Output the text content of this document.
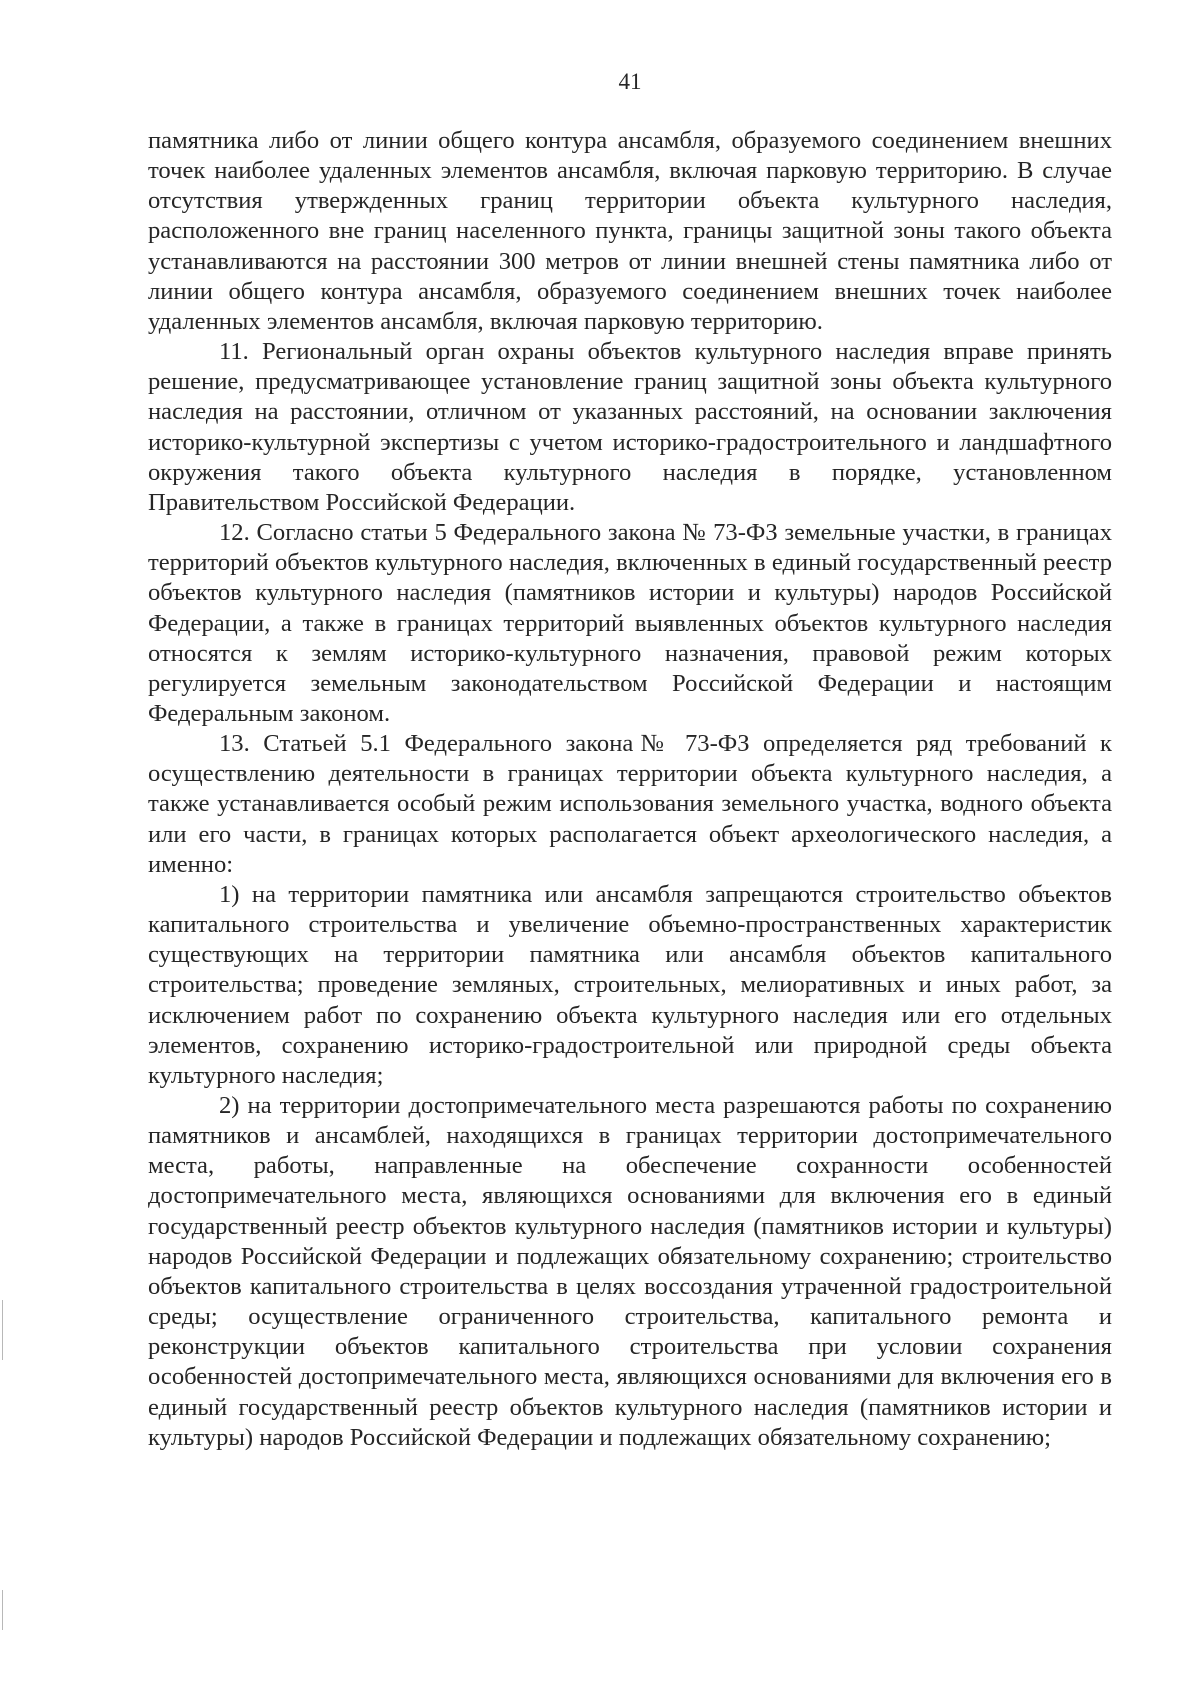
41

памятника либо от линии общего контура ансамбля, образуемого соединением внешних точек наиболее удаленных элементов ансамбля, включая парковую территорию. В случае отсутствия утвержденных границ территории объекта культурного наследия, расположенного вне границ населенного пункта, границы защитной зоны такого объекта устанавливаются на расстоянии 300 метров от линии внешней стены памятника либо от линии общего контура ансамбля, образуемого соединением внешних точек наиболее удаленных элементов ансамбля, включая парковую территорию.

11. Региональный орган охраны объектов культурного наследия вправе принять решение, предусматривающее установление границ защитной зоны объекта культурного наследия на расстоянии, отличном от указанных расстояний, на основании заключения историко-культурной экспертизы с учетом историко-градостроительного и ландшафтного окружения такого объекта культурного наследия в порядке, установленном Правительством Российской Федерации.

12. Согласно статьи 5 Федерального закона № 73-ФЗ земельные участки, в границах территорий объектов культурного наследия, включенных в единый государственный реестр объектов культурного наследия (памятников истории и культуры) народов Российской Федерации, а также в границах территорий выявленных объектов культурного наследия относятся к землям историко-культурного назначения, правовой режим которых регулируется земельным законодательством Российской Федерации и настоящим Федеральным законом.

13. Статьей 5.1 Федерального закона№ 73-ФЗ определяется ряд требований к осуществлению деятельности в границах территории объекта культурного наследия, а также устанавливается особый режим использования земельного участка, водного объекта или его части, в границах которых располагается объект археологического наследия, а именно:

1) на территории памятника или ансамбля запрещаются строительство объектов капитального строительства и увеличение объемно-пространственных характеристик существующих на территории памятника или ансамбля объектов капитального строительства; проведение земляных, строительных, мелиоративных и иных работ, за исключением работ по сохранению объекта культурного наследия или его отдельных элементов, сохранению историко-градостроительной или природной среды объекта культурного наследия;

2) на территории достопримечательного места разрешаются работы по сохранению памятников и ансамблей, находящихся в границах территории достопримечательного места, работы, направленные на обеспечение сохранности особенностей достопримечательного места, являющихся основаниями для включения его в единый государственный реестр объектов культурного наследия (памятников истории и культуры) народов Российской Федерации и подлежащих обязательному сохранению; строительство объектов капитального строительства в целях воссоздания утраченной градостроительной среды; осуществление ограниченного строительства, капитального ремонта и реконструкции объектов капитального строительства при условии сохранения особенностей достопримечательного места, являющихся основаниями для включения его в единый государственный реестр объектов культурного наследия (памятников истории и культуры) народов Российской Федерации и подлежащих обязательному сохранению;
